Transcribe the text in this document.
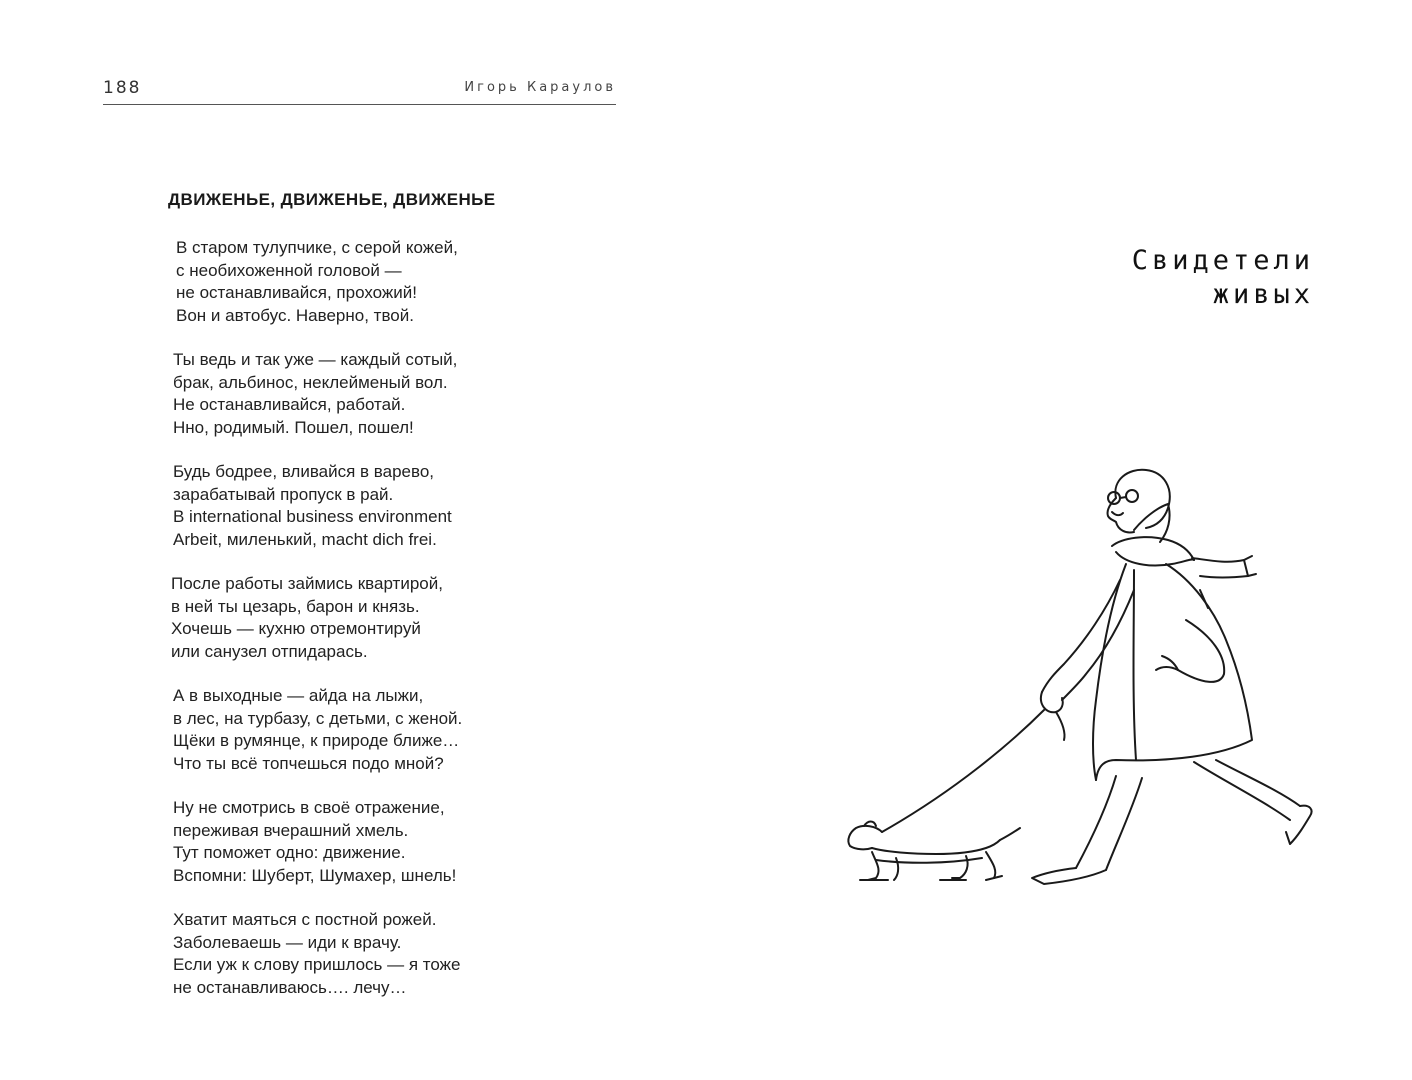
188	Игорь Караулов
ДВИЖЕНЬЕ, ДВИЖЕНЬЕ, ДВИЖЕНЬЕ
В старом тулупчике, с серой кожей,
с необихоженной головой —
не останавливайся, прохожий!
Вон и автобус. Наверно, твой.
Ты ведь и так уже — каждый сотый,
брак, альбинос, неклейменый вол.
Не останавливайся, работай.
Нно, родимый. Пошел, пошел!
Будь бодрее, вливайся в варево,
зарабатывай пропуск в рай.
В international business environment
Arbeit, миленький, macht dich frei.
После работы займись квартирой,
в ней ты цезарь, барон и князь.
Хочешь — кухню отремонтируй
или санузел отпидарась.
А в выходные — айда на лыжи,
в лес, на турбазу, с детьми, с женой.
Щёки в румянце, к природе ближе…
Что ты всё топчешься подо мной?
Ну не смотрись в своё отражение,
переживая вчерашний хмель.
Тут поможет одно: движение.
Вспомни: Шуберт, Шумахер, шнель!
Хватит маяться с постной рожей.
Заболеваешь — иди к врачу.
Если уж к слову пришлось — я тоже
не останавливаюсь…. лечу…
Свидетели
живых
